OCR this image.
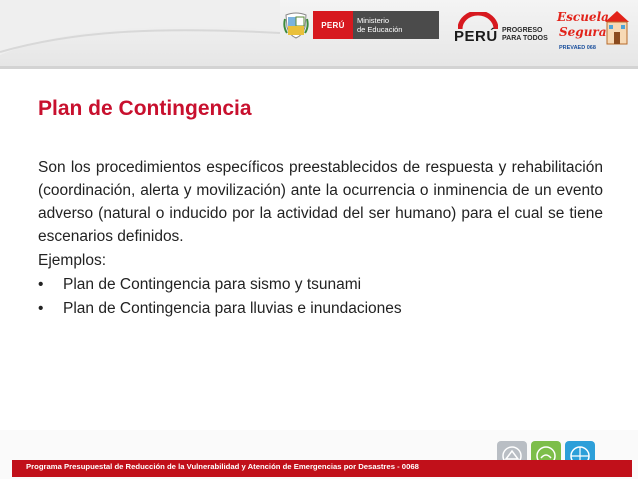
PERÚ	Ministerio
de Educación	PERÚ PROGRESO
PARA TODOS
Escuela
Segura
PREVAED 068
Plan de Contingencia

Son los procedimientos específicos preestablecidos de respuesta y rehabilitación (coordinación, alerta y movilización) ante la ocurrencia o inminencia de un evento adverso (natural o inducido por la actividad del ser humano) para el cual se tiene escenarios definidos.

Ejemplos:

•	Plan de Contingencia para sismo y tsunami
•	Plan de Contingencia para lluvias e inundaciones
Programa Presupuestal de Reducción de la Vulnerabilidad y Atención de Emergencias por Desastres - 0068
